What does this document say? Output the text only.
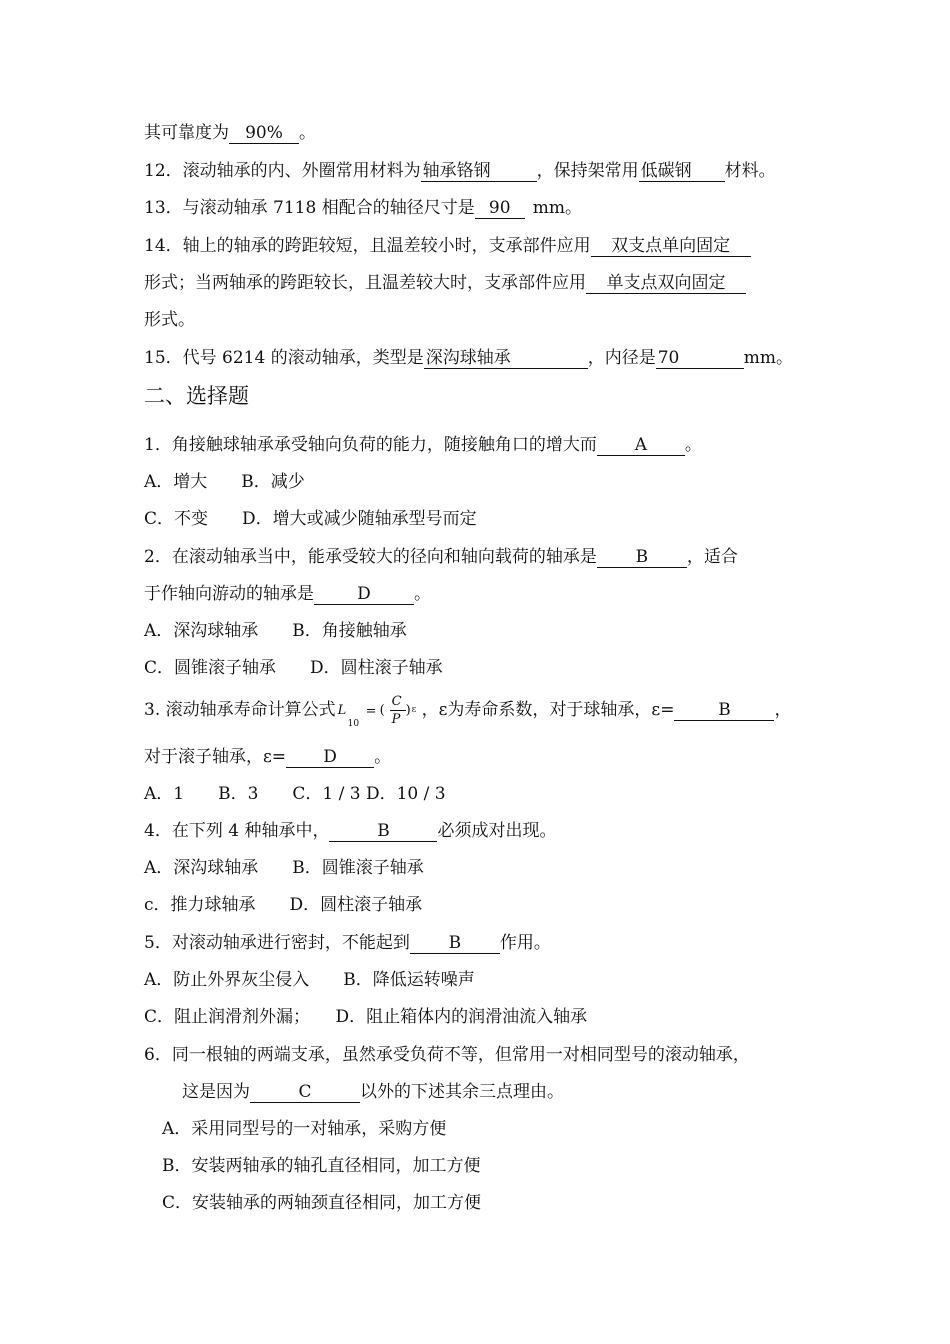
其可靠度为 90% 。
12．滚动轴承的内、外圈常用材料为 轴承铬钢	，保持架常用 低碳钢 材料。
13．与滚动轴承 7118 相配合的轴径尺寸是 90 mm。
14．轴上的轴承的跨距较短，且温差较小时，支承部件应用 双支点单向固定
形式；当两轴承的跨距较长，且温差较大时，支承部件应用 单支点双向固定
形式。
15．代号 6214 的滚动轴承，类型是 深沟球轴承	，内径是 70	mm。
二、选择题
1．角接触球轴承承受轴向负荷的能力，随接触角口的增大而 A 。
A．增大　　B．减少
C．不变　　D．增大或减少随轴承型号而定
2．在滚动轴承当中，能承受较大的径向和轴向载荷的轴承是 B ，适合
于作轴向游动的轴承是	D	。
A．深沟球轴承　　B．角接触轴承
C．圆锥滚子轴承　　D．圆柱滚子轴承
3. 滚动轴承寿命计算公式 L
10
= (
C
P
) ε ，ε为寿命系数，对于球轴承，ε=	B	，
对于滚子轴承，ε= D 。
A．1　　B．3　　C．1 / 3 D．10 / 3
4．在下列 4 种轴承中，	B	必须成对出现。
A．深沟球轴承　　B．圆锥滚子轴承
c．推力球轴承　　D．圆柱滚子轴承
5．对滚动轴承进行密封，不能起到 B 作用。
A．防止外界灰尘侵入　　B．降低运转噪声
C．阻止润滑剂外漏；　　D．阻止箱体内的润滑油流入轴承
6．同一根轴的两端支承，虽然承受负荷不等，但常用一对相同型号的滚动轴承，
这是因为	C	以外的下述其余三点理由。
A．采用同型号的一对轴承，采购方便
B．安装两轴承的轴孔直径相同，加工方便
C．安装轴承的两轴颈直径相同，加工方便
